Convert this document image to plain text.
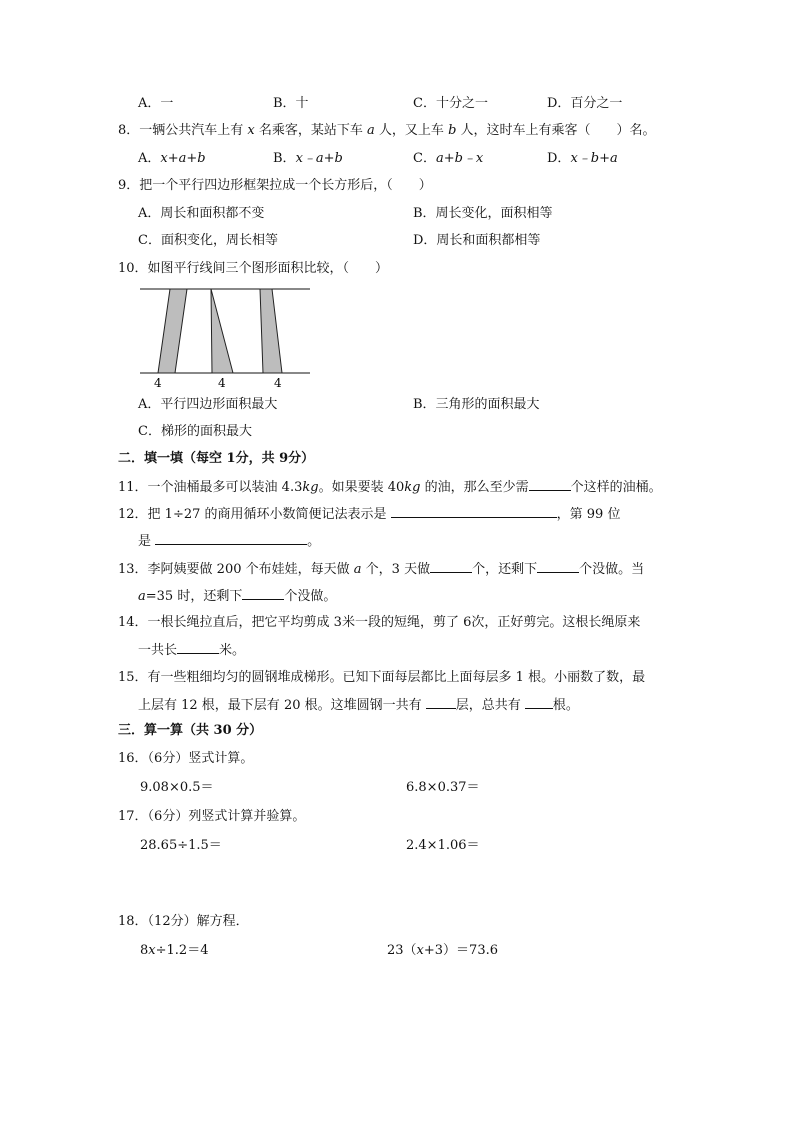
A．一	B．十	C．十分之一	D．百分之一
8．一辆公共汽车上有 x 名乘客，某站下车 a 人，又上车 b 人，这时车上有乘客（　　）名。
A．x+a+b	B．x﹣a+b	C．a+b﹣x	D．x﹣b+a
9．把一个平行四边形框架拉成一个长方形后，（　　）
A．周长和面积都不变	B．周长变化，面积相等
C．面积变化，周长相等	D．周长和面积都相等
10．如图平行线间三个图形面积比较，（　　）
4	4	4
A．平行四边形面积最大	B．三角形的面积最大
C．梯形的面积最大
二．填一填（每空 1分，共 9分）
11．一个油桶最多可以装油 4.3kg。如果要装 40kg 的油，那么至少需	个这样的油桶。
12．把 1÷27 的商用循环小数简便记法表示是	，第 99 位
是	。
13．李阿姨要做 200 个布娃娃，每天做 a 个，3 天做	个，还剩下	个没做。当
a=35 时，还剩下	个没做。
14．一根长绳拉直后，把它平均剪成 3米一段的短绳，剪了 6次，正好剪完。这根长绳原来
一共长	米。
15．有一些粗细均匀的圆钢堆成梯形。已知下面每层都比上面每层多 1 根。小丽数了数，最
上层有 12 根，最下层有 20 根。这堆圆钢一共有 层，总共有 根。
三．算一算（共 30 分）
16．（6分）竖式计算。
9.08×0.5＝	6.8×0.37＝
17．（6分）列竖式计算并验算。
28.65÷1.5＝	2.4×1.06＝
18．（12分）解方程．
8x÷1.2＝4	23（x+3）＝73.6
